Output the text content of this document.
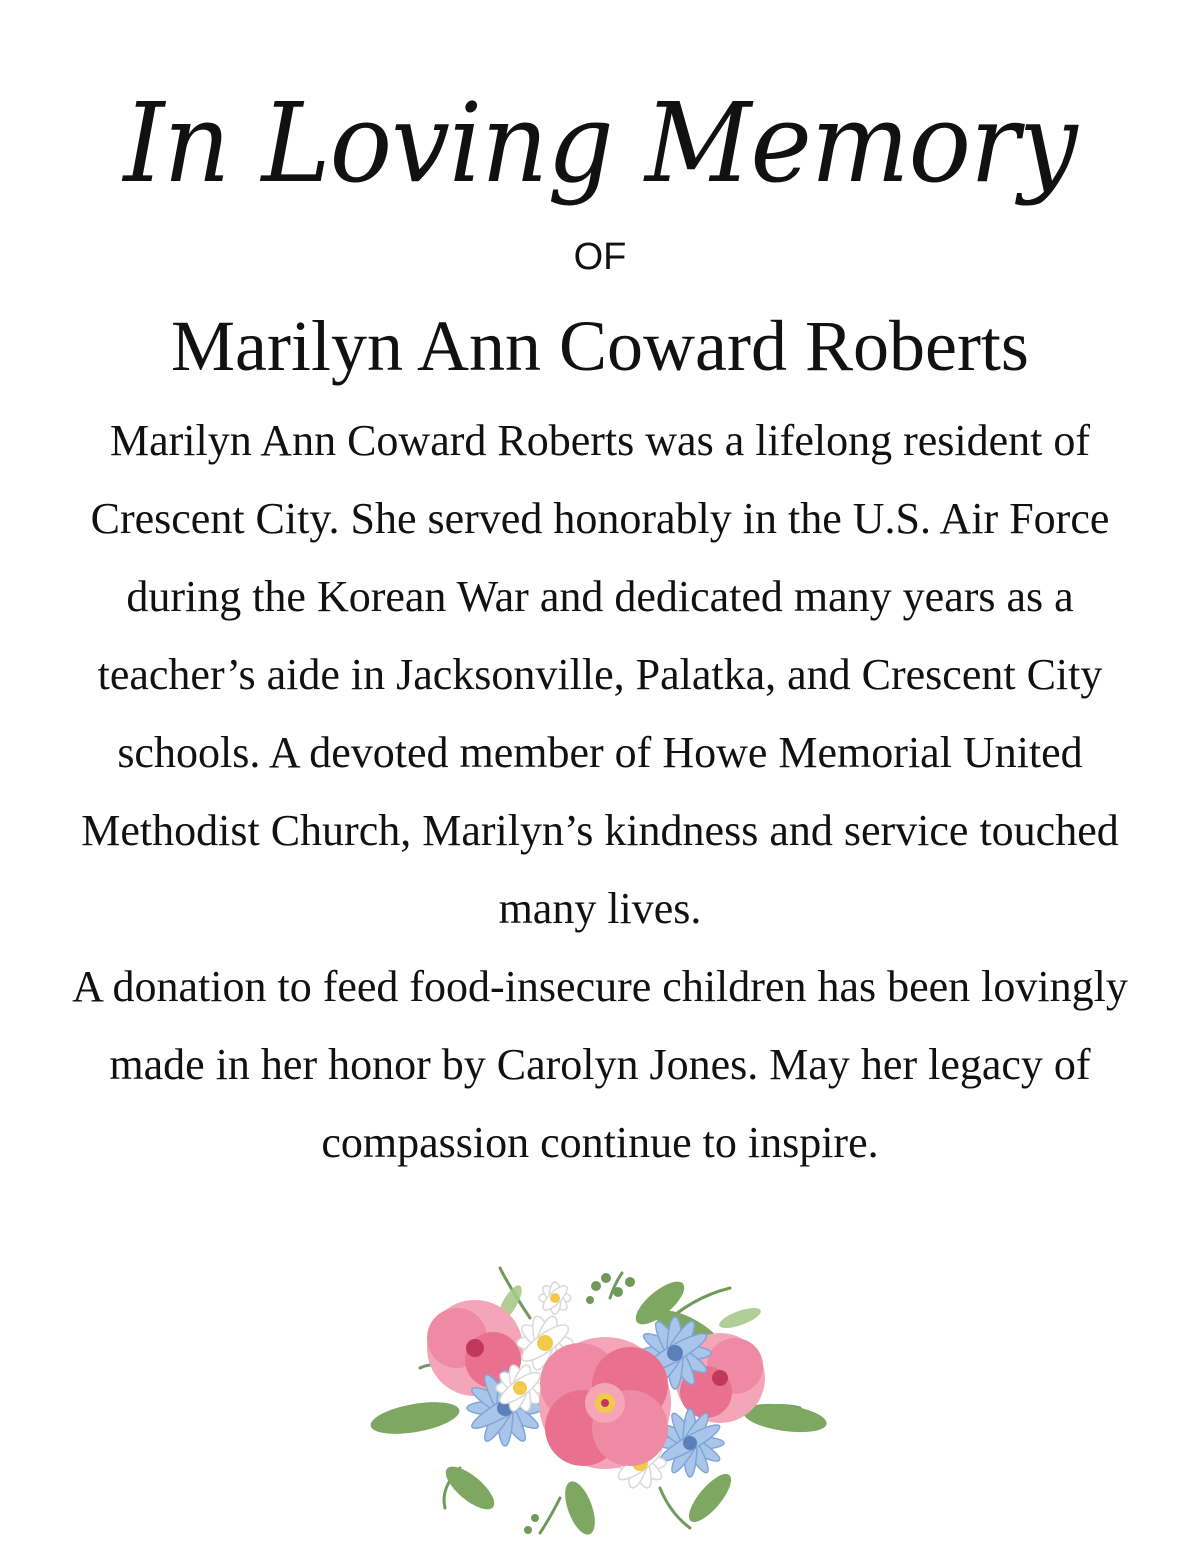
In Loving Memory
OF
Marilyn Ann Coward Roberts

Marilyn Ann Coward Roberts was a lifelong resident of Crescent City. She served honorably in the U.S. Air Force during the Korean War and dedicated many years as a teacher’s aide in Jacksonville, Palatka, and Crescent City schools. A devoted member of Howe Memorial United Methodist Church, Marilyn’s kindness and service touched many lives.

A donation to feed food-insecure children has been lovingly made in her honor by Carolyn Jones. May her legacy of compassion continue to inspire.
